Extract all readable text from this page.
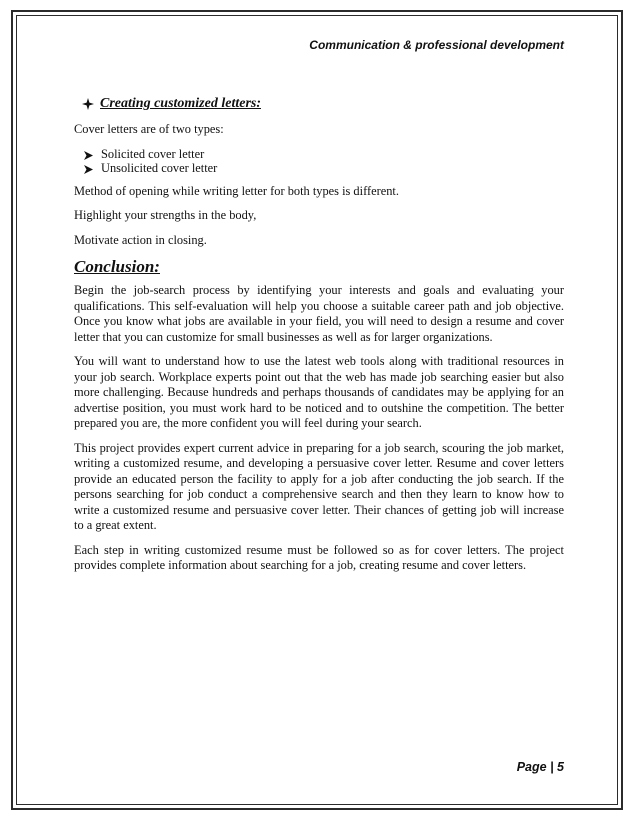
Communication & professional development
Creating customized letters:

Cover letters are of two types:

Solicited cover letter
Unsolicited cover letter

Method of opening while writing letter for both types is different.

Highlight your strengths in the body,

Motivate action in closing.

Conclusion:

Begin the job-search process by identifying your interests and goals and evaluating your qualifications. This self-evaluation will help you choose a suitable career path and job objective. Once you know what jobs are available in your field, you will need to design a resume and cover letter that you can customize for small businesses as well as for larger organizations.

You will want to understand how to use the latest web tools along with traditional resources in your job search. Workplace experts point out that the web has made job searching easier but also more challenging. Because hundreds and perhaps thousands of candidates may be applying for an advertise position, you must work hard to be noticed and to outshine the competition. The better prepared you are, the more confident you will feel during your search.

This project provides expert current advice in preparing for a job search, scouring the job market, writing a customized resume, and developing a persuasive cover letter. Resume and cover letters provide an educated person the facility to apply for a job after conducting the job search. If the persons searching for job conduct a comprehensive search and then they learn to know how to write a customized resume and persuasive cover letter. Their chances of getting job will increase to a great extent.

Each step in writing customized resume must be followed so as for cover letters. The project provides complete information about searching for a job, creating resume and cover letters.

Page | 5
